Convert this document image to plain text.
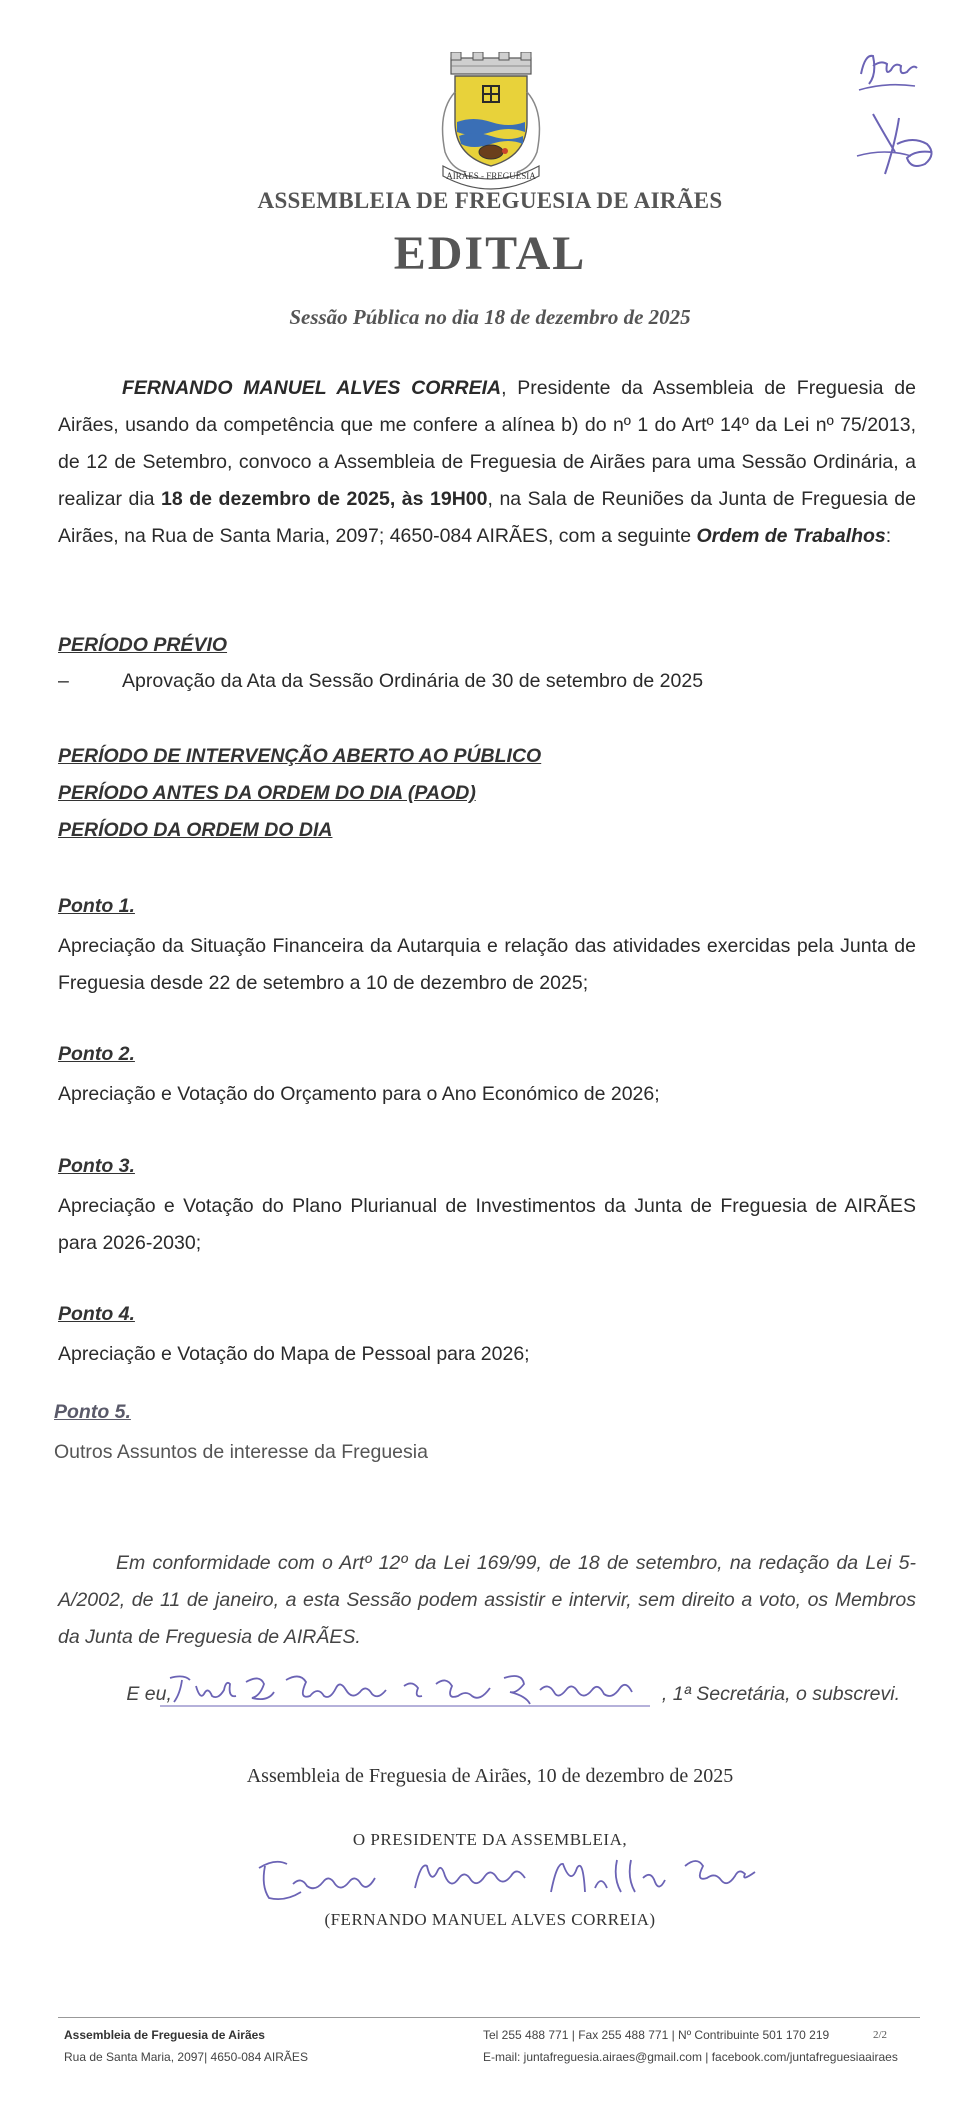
AIRÃES - FREGUESIA
ASSEMBLEIA DE FREGUESIA DE AIRÃES
EDITAL
Sessão Pública no dia 18 de dezembro de 2025
FERNANDO MANUEL ALVES CORREIA, Presidente da Assembleia de Freguesia de Airães, usando da competência que me confere a alínea b) do nº 1 do Artº 14º da Lei nº 75/2013, de 12 de Setembro, convoco a Assembleia de Freguesia de Airães para uma Sessão Ordinária, a realizar dia 18 de dezembro de 2025, às 19H00, na Sala de Reuniões da Junta de Freguesia de Airães, na Rua de Santa Maria, 2097; 4650-084 AIRÃES, com a seguinte Ordem de Trabalhos:
PERÍODO PRÉVIO
–	Aprovação da Ata da Sessão Ordinária de 30 de setembro de 2025
PERÍODO DE INTERVENÇÃO ABERTO AO PÚBLICO
PERÍODO ANTES DA ORDEM DO DIA (PAOD)
PERÍODO DA ORDEM DO DIA
Ponto 1.
Apreciação da Situação Financeira da Autarquia e relação das atividades exercidas pela Junta de Freguesia desde 22 de setembro a 10 de dezembro de 2025;
Ponto 2.
Apreciação e Votação do Orçamento para o Ano Económico de 2026;
Ponto 3.
Apreciação e Votação do Plano Plurianual de Investimentos da Junta de Freguesia de AIRÃES para 2026-2030;
Ponto 4.
Apreciação e Votação do Mapa de Pessoal para 2026;
Ponto 5.
Outros Assuntos de interesse da Freguesia
Em conformidade com o Artº 12º da Lei 169/99, de 18 de setembro, na redação da Lei 5-A/2002, de 11 de janeiro, a esta Sessão podem assistir e intervir, sem direito a voto, os Membros da Junta de Freguesia de AIRÃES.
E eu,	, 1ª Secretária, o subscrevi.
Assembleia de Freguesia de Airães, 10 de dezembro de 2025
O PRESIDENTE DA ASSEMBLEIA,
(FERNANDO MANUEL ALVES CORREIA)
Assembleia de Freguesia de Airães
Rua de Santa Maria, 2097| 4650-084 AIRÃES
Tel 255 488 771 | Fax 255 488 771 | Nº Contribuinte 501 170 219
E-mail: juntafreguesia.airaes@gmail.com | facebook.com/juntafreguesiaairaes
2/2
